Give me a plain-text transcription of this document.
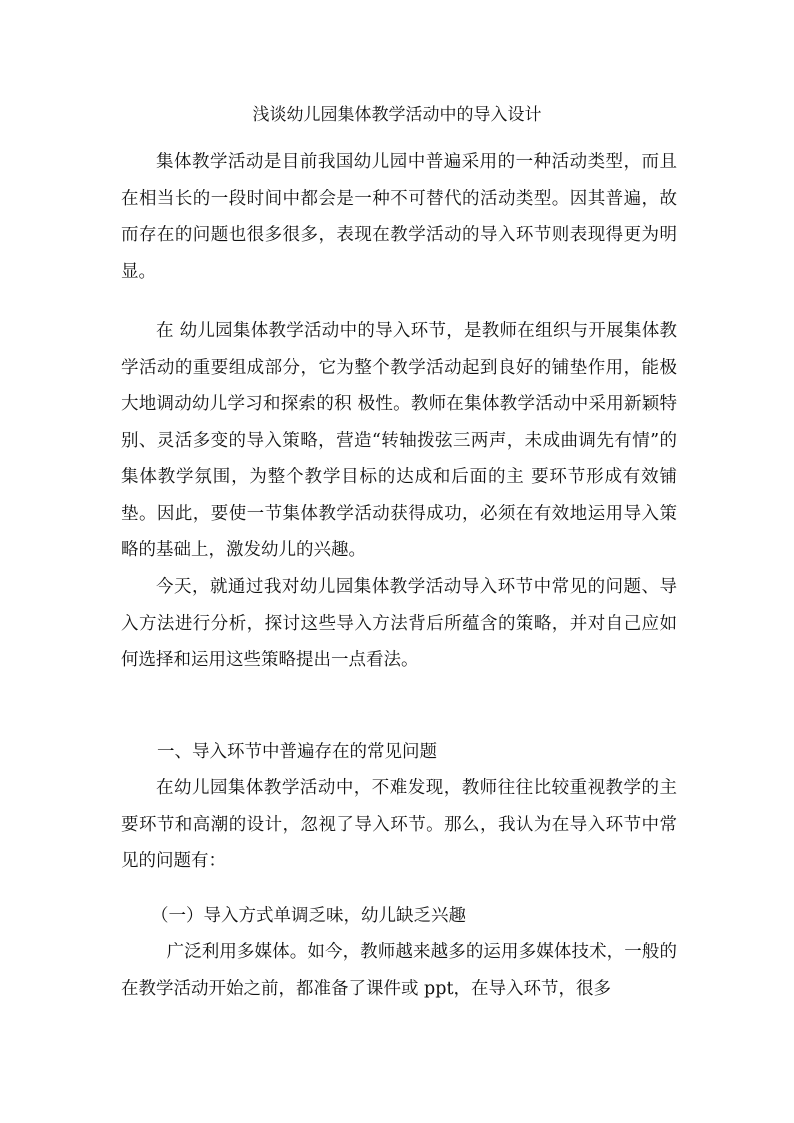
浅谈幼儿园集体教学活动中的导入设计

集体教学活动是目前我国幼儿园中普遍采用的一种活动类型，而且在相当长的一段时间中都会是一种不可替代的活动类型。因其普遍，故而存在的问题也很多很多，表现在教学活动的导入环节则表现得更为明显。

在 幼儿园集体教学活动中的导入环节，是教师在组织与开展集体教学活动的重要组成部分，它为整个教学活动起到良好的铺垫作用，能极大地调动幼儿学习和探索的积 极性。教师在集体教学活动中采用新颖特别、灵活多变的导入策略，营造“转轴拨弦三两声，未成曲调先有情”的集体教学氛围，为整个教学目标的达成和后面的主 要环节形成有效铺垫。因此，要使一节集体教学活动获得成功，必须在有效地运用导入策略的基础上，激发幼儿的兴趣。

今天，就通过我对幼儿园集体教学活动导入环节中常见的问题、导入方法进行分析，探讨这些导入方法背后所蕴含的策略，并对自己应如何选择和运用这些策略提出一点看法。

一、导入环节中普遍存在的常见问题

在幼儿园集体教学活动中，不难发现，教师往往比较重视教学的主要环节和高潮的设计，忽视了导入环节。那么，我认为在导入环节中常见的问题有：

（一）导入方式单调乏味，幼儿缺乏兴趣

广泛利用多媒体。如今，教师越来越多的运用多媒体技术，一般的在教学活动开始之前，都准备了课件或 ppt，在导入环节，很多
